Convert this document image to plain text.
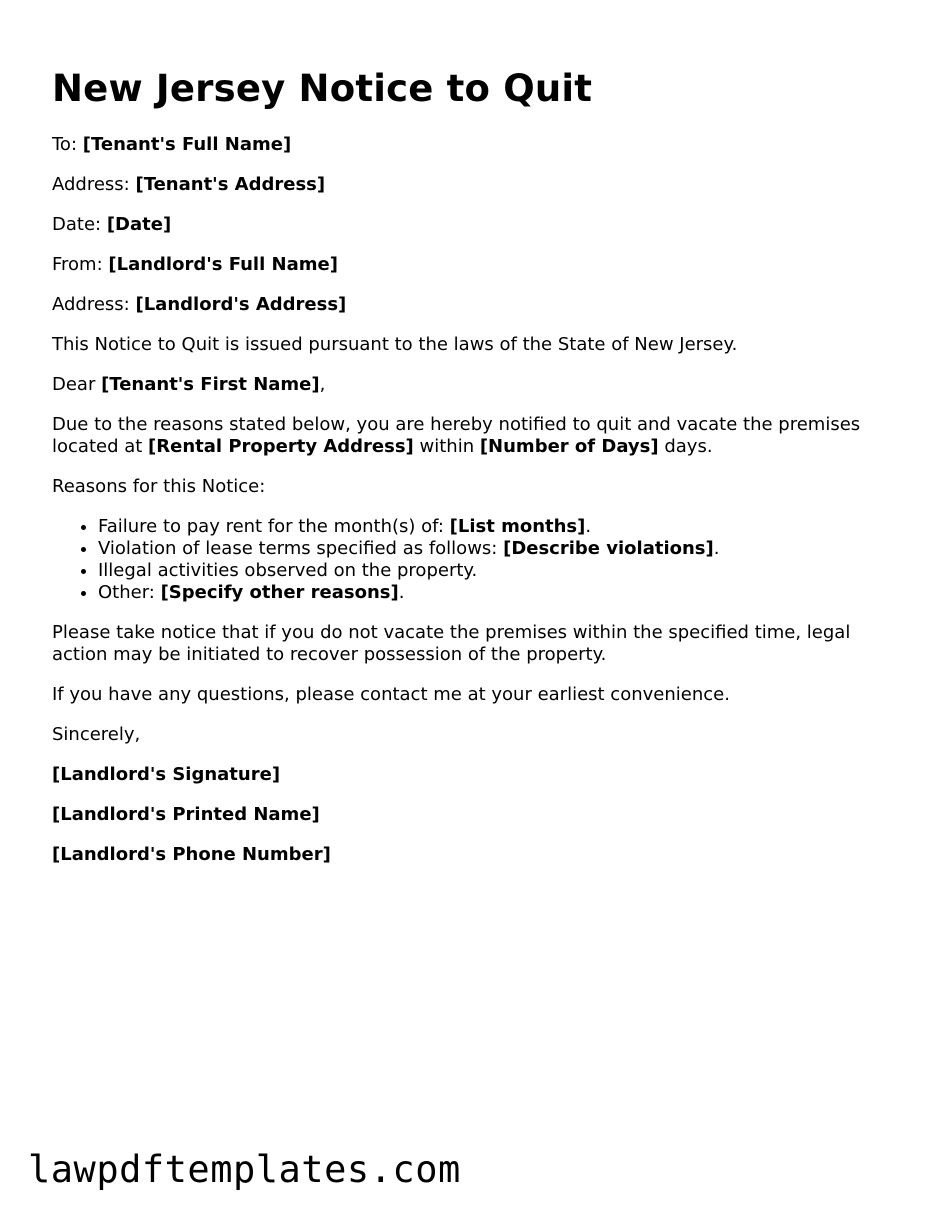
New Jersey Notice to Quit

To: [Tenant's Full Name]

Address: [Tenant's Address]

Date: [Date]

From: [Landlord's Full Name]

Address: [Landlord's Address]

This Notice to Quit is issued pursuant to the laws of the State of New Jersey.

Dear [Tenant's First Name],

Due to the reasons stated below, you are hereby notified to quit and vacate the premises located at [Rental Property Address] within [Number of Days] days.

Reasons for this Notice:

• Failure to pay rent for the month(s) of: [List months].
• Violation of lease terms specified as follows: [Describe violations].
• Illegal activities observed on the property.
• Other: [Specify other reasons].

Please take notice that if you do not vacate the premises within the specified time, legal action may be initiated to recover possession of the property.

If you have any questions, please contact me at your earliest convenience.

Sincerely,

[Landlord's Signature]

[Landlord's Printed Name]

[Landlord's Phone Number]

lawpdftemplates.com
